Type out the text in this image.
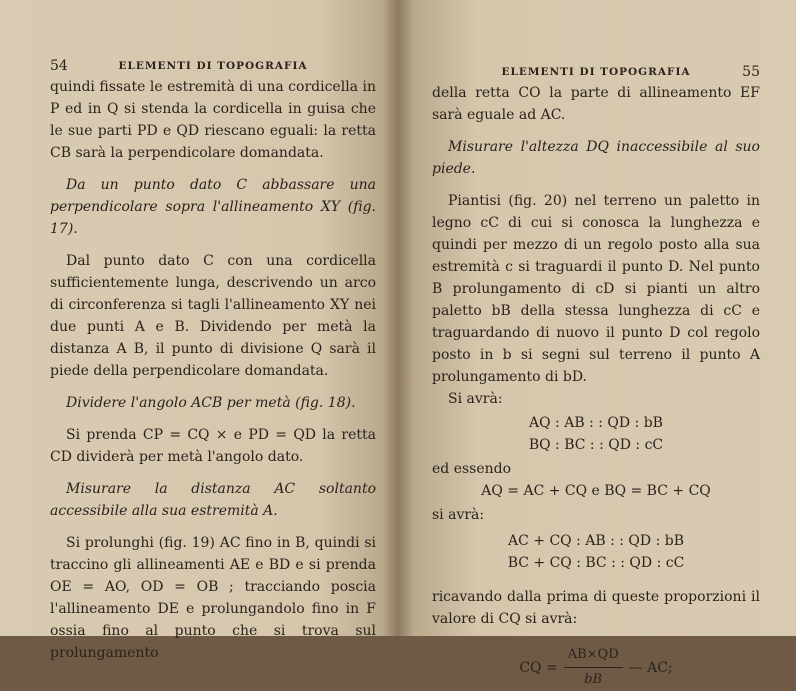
54	ELEMENTI DI TOPOGRAFIA

quindi fissate le estremità di una cordicella in P ed in Q si stenda la cordicella in guisa che le sue parti PD e QD riescano eguali: la retta CB sarà la perpendicolare domandata.

Da un punto dato C abbassare una perpendicolare sopra l'allineamento XY (fig. 17).

Dal punto dato C con una cordicella sufficientemente lunga, descrivendo un arco di circonferenza si tagli l'allineamento XY nei due punti A e B. Dividendo per metà la distanza A B, il punto di divisione Q sarà il piede della perpendicolare domandata.

Dividere l'angolo ACB per metà (fig. 18).

Si prenda CP = CQ × e PD = QD la retta CD dividerà per metà l'angolo dato.

Misurare la distanza AC soltanto accessibile alla sua estremità A.

Si prolunghi (fig. 19) AC fino in B, quindi si traccino gli allineamenti AE e BD e si prenda OE = AO, OD = OB ; tracciando poscia l'allineamento DE e prolungandolo fino in F ossia fino al punto che si trova sul prolungamento

ELEMENTI DI TOPOGRAFIA	55

della retta CO la parte di allineamento EF sarà eguale ad AC.

Misurare l'altezza DQ inaccessibile al suo piede.

Piantisi (fig. 20) nel terreno un paletto in legno cC di cui si conosca la lunghezza e quindi per mezzo di un regolo posto alla sua estremità c si traguardi il punto D. Nel punto B prolungamento di cD si pianti un altro paletto bB della stessa lunghezza di cC e traguardando di nuovo il punto D col regolo posto in b si segni sul terreno il punto A prolungamento di bD.

Si avrà:

AQ : AB : : QD : bB

BQ : BC : : QD : cC

ed essendo

AQ = AC + CQ e BQ = BC + CQ

si avrà:

AC + CQ : AB : : QD : bB

BC + CQ : BC : : QD : cC

ricavando dalla prima di queste proporzioni il valore di CQ si avrà:

CQ = $\frac{AB\times QD}{bB}$ — AC;
